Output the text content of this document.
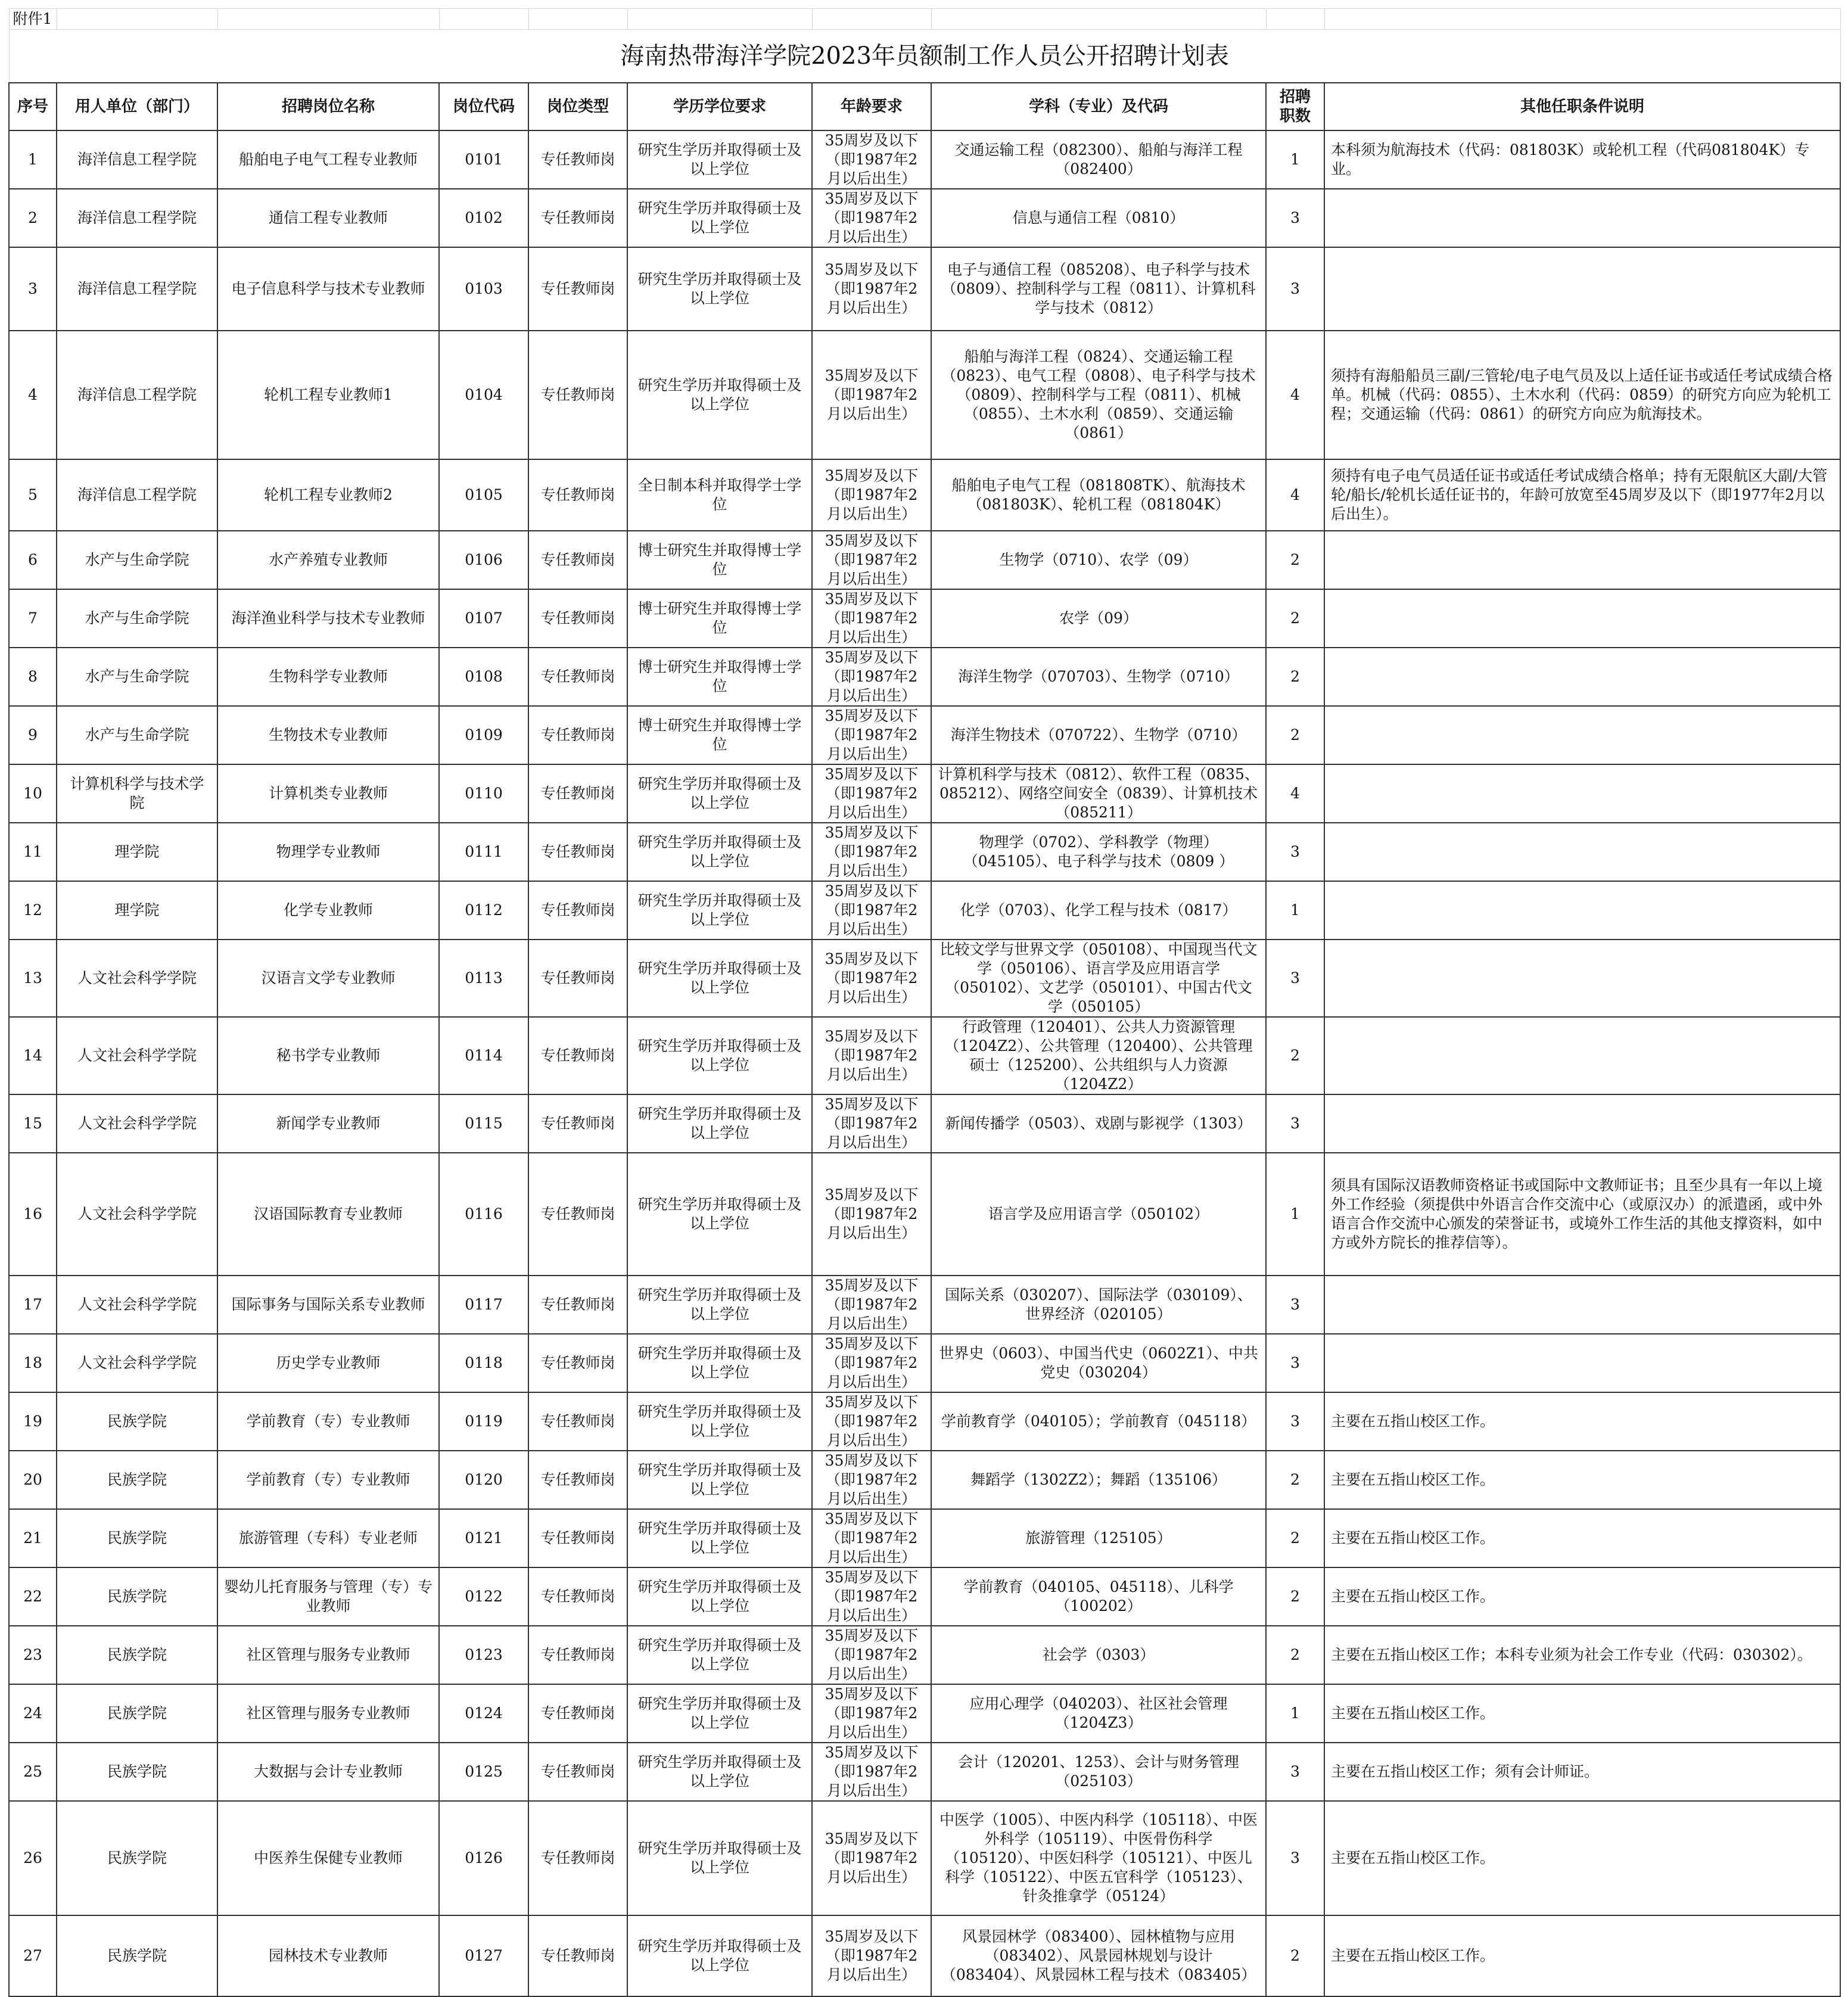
附件1									
海南热带海洋学院2023年员额制工作人员公开招聘计划表									
序号	用人单位（部门）	招聘岗位名称	岗位代码	岗位类型	学历学位要求	年龄要求	学科（专业）及代码	招聘职数	其他任职条件说明
1	海洋信息工程学院	船舶电子电气工程专业教师	0101	专任教师岗	研究生学历并取得硕士及以上学位	35周岁及以下（即1987年2月以后出生）	交通运输工程（082300）、船舶与海洋工程（082400）	1	本科须为航海技术（代码：081803K）或轮机工程（代码081804K）专业。
2	海洋信息工程学院	通信工程专业教师	0102	专任教师岗	研究生学历并取得硕士及以上学位	35周岁及以下（即1987年2月以后出生）	信息与通信工程（0810）	3	
3	海洋信息工程学院	电子信息科学与技术专业教师	0103	专任教师岗	研究生学历并取得硕士及以上学位	35周岁及以下（即1987年2月以后出生）	电子与通信工程（085208）、电子科学与技术（0809）、控制科学与工程（0811）、计算机科学与技术（0812）	3	
4	海洋信息工程学院	轮机工程专业教师1	0104	专任教师岗	研究生学历并取得硕士及以上学位	35周岁及以下（即1987年2月以后出生）	船舶与海洋工程（0824）、交通运输工程（0823）、电气工程（0808）、电子科学与技术（0809）、控制科学与工程（0811）、机械（0855）、土木水利（0859）、交通运输（0861）	4	须持有海船船员三副/三管轮/电子电气员及以上适任证书或适任考试成绩合格单。机械（代码：0855）、土木水利（代码：0859）的研究方向应为轮机工程；交通运输（代码：0861）的研究方向应为航海技术。
5	海洋信息工程学院	轮机工程专业教师2	0105	专任教师岗	全日制本科并取得学士学位	35周岁及以下（即1987年2月以后出生）	船舶电子电气工程（081808TK）、航海技术（081803K）、轮机工程（081804K）	4	须持有电子电气员适任证书或适任考试成绩合格单；持有无限航区大副/大管轮/船长/轮机长适任证书的，年龄可放宽至45周岁及以下（即1977年2月以后出生）。
6	水产与生命学院	水产养殖专业教师	0106	专任教师岗	博士研究生并取得博士学位	35周岁及以下（即1987年2月以后出生）	生物学（0710）、农学（09）	2	
7	水产与生命学院	海洋渔业科学与技术专业教师	0107	专任教师岗	博士研究生并取得博士学位	35周岁及以下（即1987年2月以后出生）	农学（09）	2	
8	水产与生命学院	生物科学专业教师	0108	专任教师岗	博士研究生并取得博士学位	35周岁及以下（即1987年2月以后出生）	海洋生物学（070703）、生物学（0710）	2	
9	水产与生命学院	生物技术专业教师	0109	专任教师岗	博士研究生并取得博士学位	35周岁及以下（即1987年2月以后出生）	海洋生物技术（070722）、生物学（0710）	2	
10	计算机科学与技术学院	计算机类专业教师	0110	专任教师岗	研究生学历并取得硕士及以上学位	35周岁及以下（即1987年2月以后出生）	计算机科学与技术（0812）、软件工程（0835、085212）、网络空间安全（0839）、计算机技术（085211）	4	
11	理学院	物理学专业教师	0111	专任教师岗	研究生学历并取得硕士及以上学位	35周岁及以下（即1987年2月以后出生）	物理学（0702）、学科教学（物理）（045105）、电子科学与技术（0809 ）	3	
12	理学院	化学专业教师	0112	专任教师岗	研究生学历并取得硕士及以上学位	35周岁及以下（即1987年2月以后出生）	化学（0703）、化学工程与技术（0817）	1	
13	人文社会科学学院	汉语言文学专业教师	0113	专任教师岗	研究生学历并取得硕士及以上学位	35周岁及以下（即1987年2月以后出生）	比较文学与世界文学（050108）、中国现当代文学（050106）、语言学及应用语言学（050102）、文艺学（050101）、中国古代文学（050105）	3	
14	人文社会科学学院	秘书学专业教师	0114	专任教师岗	研究生学历并取得硕士及以上学位	35周岁及以下（即1987年2月以后出生）	行政管理（120401）、公共人力资源管理（1204Z2）、公共管理（120400）、公共管理硕士（125200）、公共组织与人力资源（1204Z2）	2	
15	人文社会科学学院	新闻学专业教师	0115	专任教师岗	研究生学历并取得硕士及以上学位	35周岁及以下（即1987年2月以后出生）	新闻传播学（0503）、戏剧与影视学（1303）	3	
16	人文社会科学学院	汉语国际教育专业教师	0116	专任教师岗	研究生学历并取得硕士及以上学位	35周岁及以下（即1987年2月以后出生）	语言学及应用语言学（050102）	1	须具有国际汉语教师资格证书或国际中文教师证书；且至少具有一年以上境外工作经验（须提供中外语言合作交流中心（或原汉办）的派遣函，或中外语言合作交流中心颁发的荣誉证书，或境外工作生活的其他支撑资料，如中方或外方院长的推荐信等）。
17	人文社会科学学院	国际事务与国际关系专业教师	0117	专任教师岗	研究生学历并取得硕士及以上学位	35周岁及以下（即1987年2月以后出生）	国际关系（030207）、国际法学（030109）、世界经济（020105）	3	
18	人文社会科学学院	历史学专业教师	0118	专任教师岗	研究生学历并取得硕士及以上学位	35周岁及以下（即1987年2月以后出生）	世界史（0603）、中国当代史（0602Z1）、中共党史（030204）	3	
19	民族学院	学前教育（专）专业教师	0119	专任教师岗	研究生学历并取得硕士及以上学位	35周岁及以下（即1987年2月以后出生）	学前教育学（040105）；学前教育（045118）	3	主要在五指山校区工作。
20	民族学院	学前教育（专）专业教师	0120	专任教师岗	研究生学历并取得硕士及以上学位	35周岁及以下（即1987年2月以后出生）	舞蹈学（1302Z2）；舞蹈（135106）	2	主要在五指山校区工作。
21	民族学院	旅游管理（专科）专业老师	0121	专任教师岗	研究生学历并取得硕士及以上学位	35周岁及以下（即1987年2月以后出生）	旅游管理（125105）	2	主要在五指山校区工作。
22	民族学院	婴幼儿托育服务与管理（专）专业教师	0122	专任教师岗	研究生学历并取得硕士及以上学位	35周岁及以下（即1987年2月以后出生）	学前教育（040105、045118）、儿科学（100202）	2	主要在五指山校区工作。
23	民族学院	社区管理与服务专业教师	0123	专任教师岗	研究生学历并取得硕士及以上学位	35周岁及以下（即1987年2月以后出生）	社会学（0303）	2	主要在五指山校区工作；本科专业须为社会工作专业（代码：030302）。
24	民族学院	社区管理与服务专业教师	0124	专任教师岗	研究生学历并取得硕士及以上学位	35周岁及以下（即1987年2月以后出生）	应用心理学（040203）、社区社会管理（1204Z3）	1	主要在五指山校区工作。
25	民族学院	大数据与会计专业教师	0125	专任教师岗	研究生学历并取得硕士及以上学位	35周岁及以下（即1987年2月以后出生）	会计（120201、1253）、会计与财务管理（025103）	3	主要在五指山校区工作；须有会计师证。
26	民族学院	中医养生保健专业教师	0126	专任教师岗	研究生学历并取得硕士及以上学位	35周岁及以下（即1987年2月以后出生）	中医学（1005）、中医内科学（105118）、中医外科学（105119）、中医骨伤科学（105120）、中医妇科学（105121）、中医儿科学（105122）、中医五官科学（105123）、针灸推拿学（05124）	3	主要在五指山校区工作。
27	民族学院	园林技术专业教师	0127	专任教师岗	研究生学历并取得硕士及以上学位	35周岁及以下（即1987年2月以后出生）	风景园林学（083400）、园林植物与应用（083402）、风景园林规划与设计（083404）、风景园林工程与技术（083405）	2	主要在五指山校区工作。
